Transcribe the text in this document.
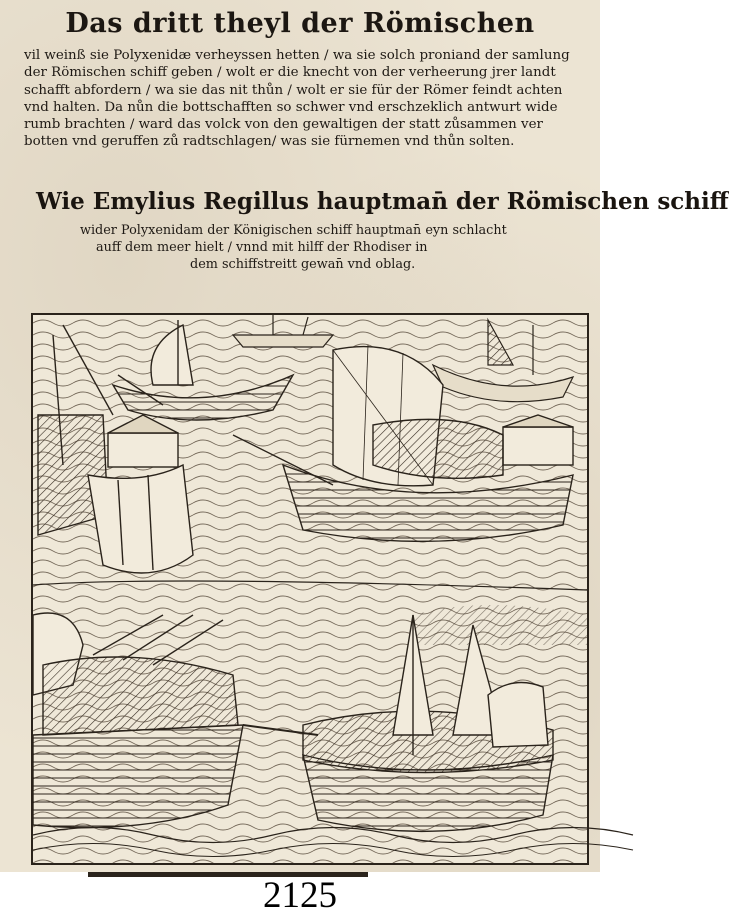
Das dritt theyl der Römischen
vil weinß sie Polyxenidæ verheyssen hetten / wa sie solch proniand der samlung
der Römischen schiff geben / wolt er die knecht von der verheerung jrer landt
schafft abfordern / wa sie das nit thůn / wolt er sie für der Römer feindt achten
vnd halten. Da nůn die bottschafften so schwer vnd erschzeklich antwurt wide
rumb brachten / ward das volck von den gewaltigen der statt zůsammen ver
botten vnd geruffen zů radtschlagen/ was sie fürnemen vnd thůn solten.
Wie Emylius Regillus hauptman̄ der Römischen schiff
wider Polyxenidam der Königischen schiff hauptman̄ eyn schlacht
auff dem meer hielt / vnnd mit hilff der Rhodiser in
dem schiffstreitt gewan̄ vnd oblag.
2125
